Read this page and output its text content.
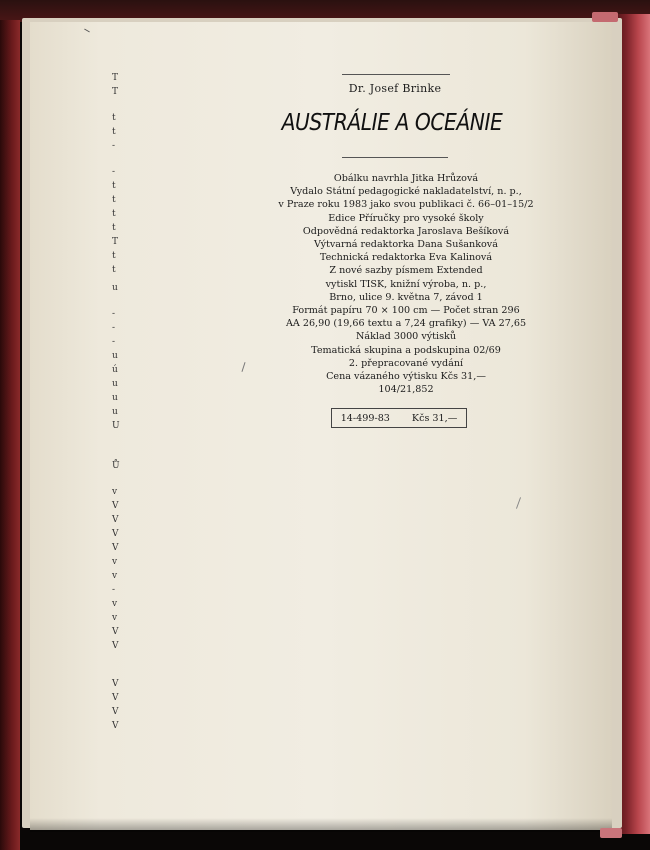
T
T
t
t
-
-
t
t
t
t
T
t
t
u
-
-
-
u
ú
u
u
u
U
Ů
v
V
V
V
V
v
v
-
v
v
V
V
V
V
V
V
Dr. Josef Brinke
AUSTRÁLIE A OCEÁNIE
Obálku navrhla Jitka Hrůzová
Vydalo Státní pedagogické nakladatelství, n. p.,
v Praze roku 1983 jako svou publikaci č. 66–01–15/2
Edice Příručky pro vysoké školy
Odpovědná redaktorka Jaroslava Bešíková
Výtvarná redaktorka Dana Sušanková
Technická redaktorka Eva Kalinová
Z nové sazby písmem Extended
vytiskl TISK, knižní výroba, n. p.,
Brno, ulice 9. května 7, závod 1
Formát papíru 70 × 100 cm — Počet stran 296
AA 26,90 (19,66 textu a 7,24 grafiky) — VA 27,65
Náklad 3000 výtisků
Tematická skupina a podskupina 02/69
2. přepracované vydání
Cena vázaného výtisku Kčs 31,—
104/21,852
14-499-83 Kčs 31,—
